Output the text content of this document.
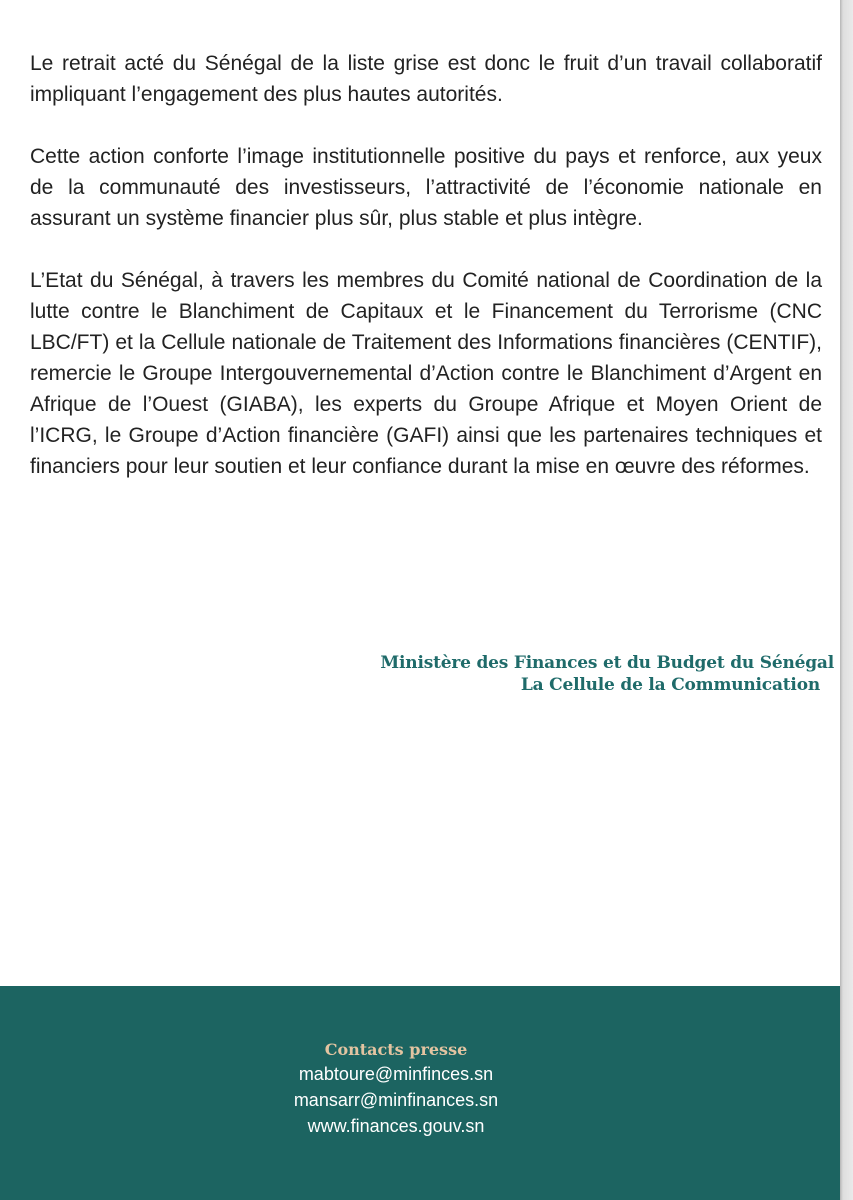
Le retrait acté du Sénégal de la liste grise est donc le fruit d’un travail collaboratif impliquant l’engagement des plus hautes autorités.

Cette action conforte l’image institutionnelle positive du pays et renforce, aux yeux de la communauté des investisseurs, l’attractivité de l’économie nationale en assurant un système financier plus sûr, plus stable et plus intègre.

L’Etat du Sénégal, à travers les membres du Comité national de Coordination de la lutte contre le Blanchiment de Capitaux et le Financement du Terrorisme (CNC LBC/FT) et la Cellule nationale de Traitement des Informations financières (CENTIF), remercie le Groupe Intergouvernemental d’Action contre le Blanchiment d’Argent en Afrique de l’Ouest (GIABA), les experts du Groupe Afrique et Moyen Orient de l’ICRG, le Groupe d’Action financière (GAFI) ainsi que les partenaires techniques et financiers pour leur soutien et leur confiance durant la mise en œuvre des réformes.

Ministère des Finances et du Budget du Sénégal
La Cellule de la Communication
Contacts presse
mabtoure@minfinces.sn
mansarr@minfinances.sn
www.finances.gouv.sn
